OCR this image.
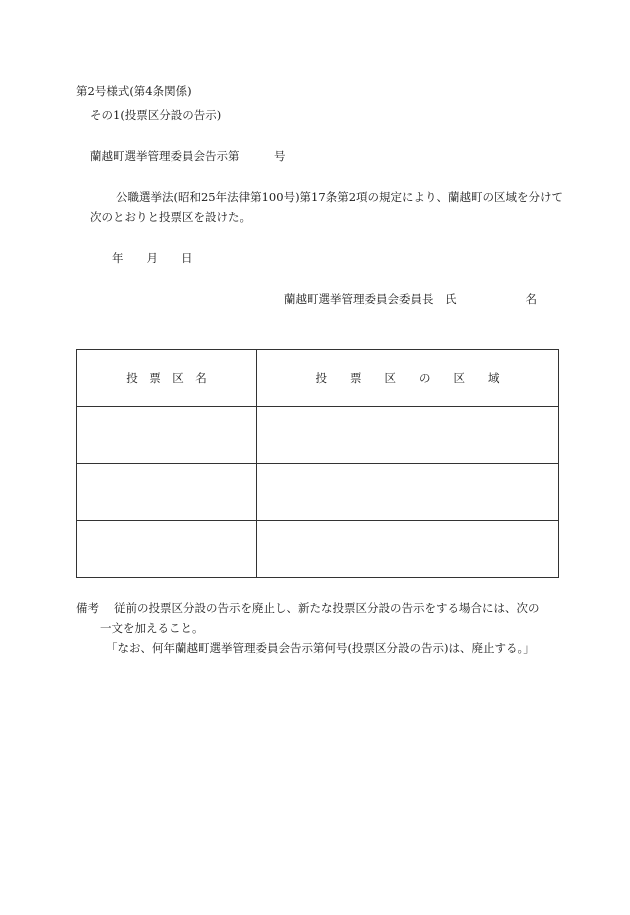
第2号様式(第4条関係)
その1(投票区分設の告示)
蘭越町選挙管理委員会告示第　　　号
公職選挙法(昭和25年法律第100号)第17条第2項の規定により、蘭越町の区域を分けて
次のとおりと投票区を設けた。
年　　月　　日
蘭越町選挙管理委員会委員長　氏　　　　　　名
投　票　区　名	投　　票　　区　　の　　区　　域

備考 従前の投票区分設の告示を廃止し、新たな投票区分設の告示をする場合には、次の
一文を加えること。
「なお、何年蘭越町選挙管理委員会告示第何号(投票区分設の告示)は、廃止する。」
